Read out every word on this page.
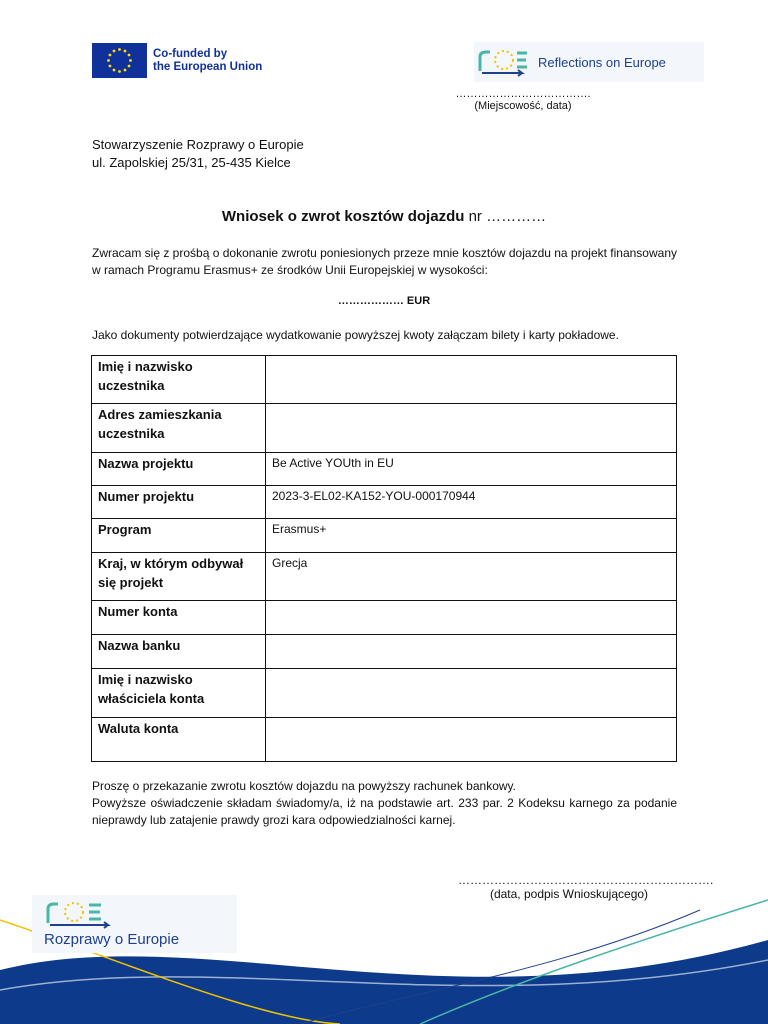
Co-funded by
the European Union	Reflections on Europe
……………………………….
(Miejscowość, data)
Stowarzyszenie Rozprawy o Europie
ul. Zapolskiej 25/31, 25-435 Kielce
Wniosek o zwrot kosztów dojazdu nr …………
Zwracam się z prośbą o dokonanie zwrotu poniesionych przeze mnie kosztów dojazdu na projekt finansowany w ramach Programu Erasmus+ ze środków Unii Europejskiej w wysokości:
……………… EUR
Jako dokumenty potwierdzające wydatkowanie powyższej kwoty załączam bilety i karty pokładowe.
Imię i nazwisko uczestnika	
Adres zamieszkania uczestnika	
Nazwa projektu	Be Active YOUth in EU
Numer projektu	2023-3-EL02-KA152-YOU-000170944
Program	Erasmus+
Kraj, w którym odbywał się projekt	Grecja
Numer konta	
Nazwa banku	
Imię i nazwisko właściciela konta	
Waluta konta	
Proszę o przekazanie zwrotu kosztów dojazdu na powyższy rachunek bankowy.
Powyższe oświadczenie składam świadomy/a, iż na podstawie art. 233 par. 2 Kodeksu karnego za podanie nieprawdy lub zatajenie prawdy grozi kara odpowiedzialności karnej.
……………………………………………………….
(data, podpis Wnioskującego)
Rozprawy o Europie
